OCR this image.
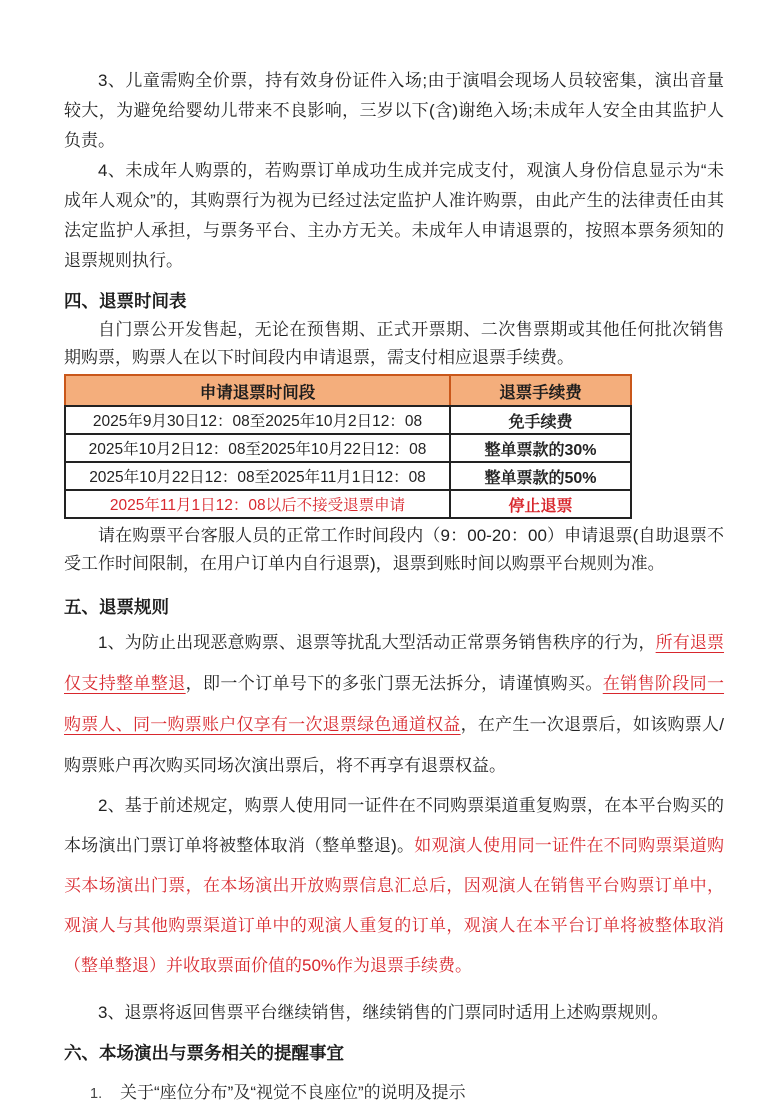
3、儿童需购全价票，持有效身份证件入场;由于演唱会现场人员较密集，演出音量较大，为避免给婴幼儿带来不良影响，三岁以下(含)谢绝入场;未成年人安全由其监护人负责。

4、未成年人购票的，若购票订单成功生成并完成支付，观演人身份信息显示为“未成年人观众”的，其购票行为视为已经过法定监护人准许购票，由此产生的法律责任由其法定监护人承担，与票务平台、主办方无关。未成年人申请退票的，按照本票务须知的退票规则执行。

四、退票时间表

自门票公开发售起，无论在预售期、正式开票期、二次售票期或其他任何批次销售期购票，购票人在以下时间段内申请退票，需支付相应退票手续费。

申请退票时间段	退票手续费
2025年9月30日12：08至2025年10月2日12：08	免手续费
2025年10月2日12：08至2025年10月22日12：08	整单票款的30%
2025年10月22日12：08至2025年11月1日12：08	整单票款的50%
2025年11月1日12：08以后不接受退票申请	停止退票

请在购票平台客服人员的正常工作时间段内（9：00-20：00）申请退票(自助退票不受工作时间限制，在用户订单内自行退票)，退票到账时间以购票平台规则为准。

五、退票规则

1、为防止出现恶意购票、退票等扰乱大型活动正常票务销售秩序的行为，所有退票仅支持整单整退，即一个订单号下的多张门票无法拆分，请谨慎购买。在销售阶段同一购票人、同一购票账户仅享有一次退票绿色通道权益，在产生一次退票后，如该购票人/购票账户再次购买同场次演出票后，将不再享有退票权益。

2、基于前述规定，购票人使用同一证件在不同购票渠道重复购票，在本平台购买的本场演出门票订单将被整体取消（整单整退)。如观演人使用同一证件在不同购票渠道购买本场演出门票，在本场演出开放购票信息汇总后，因观演人在销售平台购票订单中，观演人与其他购票渠道订单中的观演人重复的订单，观演人在本平台订单将被整体取消（整单整退）并收取票面价值的50%作为退票手续费。

3、退票将返回售票平台继续销售，继续销售的门票同时适用上述购票规则。

六、本场演出与票务相关的提醒事宜
1.	关于“座位分布”及“视觉不良座位”的说明及提示
